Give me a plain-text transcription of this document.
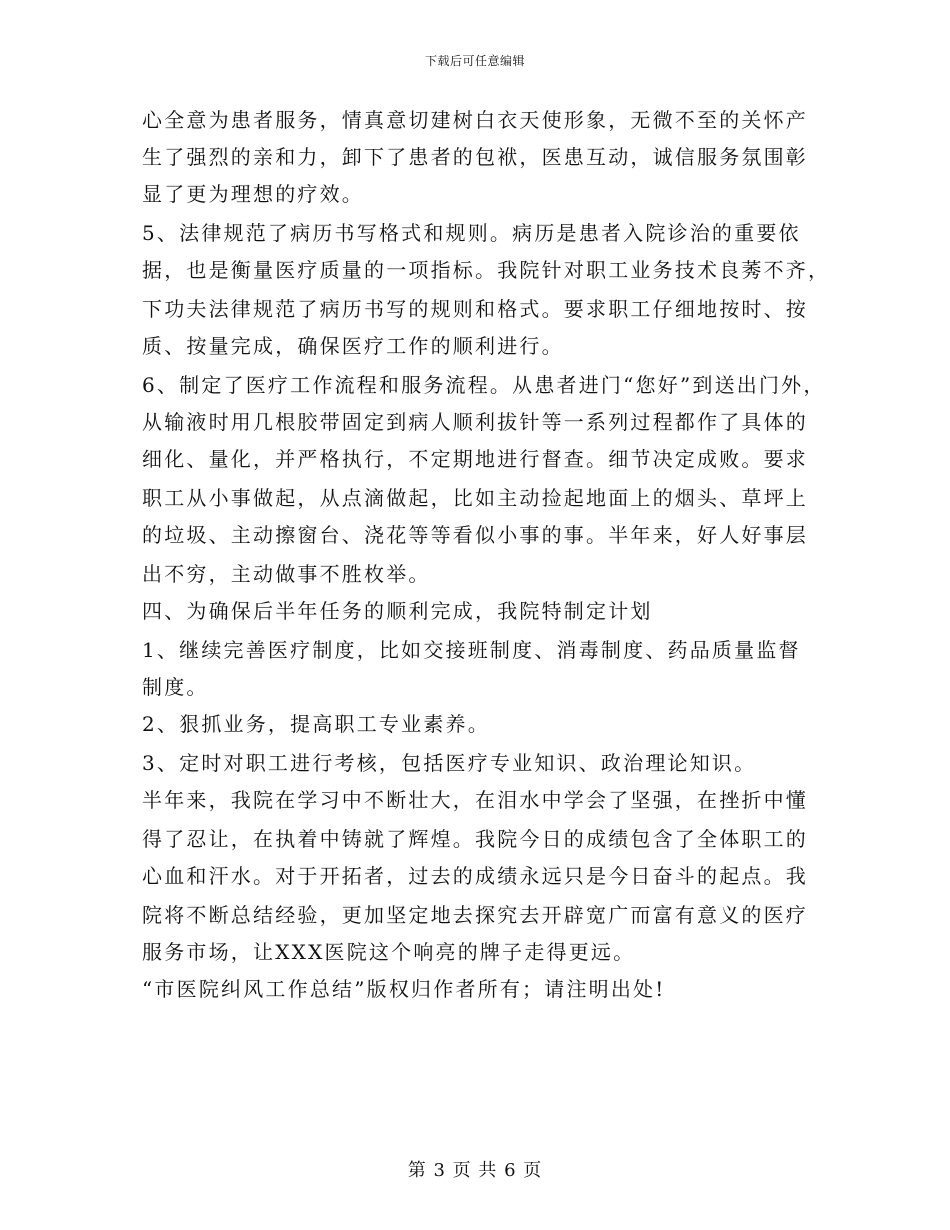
下载后可任意编辑
心全意为患者服务，情真意切建树白衣天使形象，无微不至的关怀产
生了强烈的亲和力，卸下了患者的包袱，医患互动，诚信服务氛围彰
显了更为理想的疗效。
5、法律规范了病历书写格式和规则。病历是患者入院诊治的重要依
据，也是衡量医疗质量的一项指标。我院针对职工业务技术良莠不齐，
下功夫法律规范了病历书写的规则和格式。要求职工仔细地按时、按
质、按量完成，确保医疗工作的顺利进行。
6、制定了医疗工作流程和服务流程。从患者进门“您好”到送出门外，
从输液时用几根胶带固定到病人顺利拔针等一系列过程都作了具体的
细化、量化，并严格执行，不定期地进行督查。细节决定成败。要求
职工从小事做起，从点滴做起，比如主动捡起地面上的烟头、草坪上
的垃圾、主动擦窗台、浇花等等看似小事的事。半年来，好人好事层
出不穷，主动做事不胜枚举。
四、为确保后半年任务的顺利完成，我院特制定计划
1、继续完善医疗制度，比如交接班制度、消毒制度、药品质量监督
制度。
2、狠抓业务，提高职工专业素养。
3、定时对职工进行考核，包括医疗专业知识、政治理论知识。
半年来，我院在学习中不断壮大，在泪水中学会了坚强，在挫折中懂
得了忍让，在执着中铸就了辉煌。我院今日的成绩包含了全体职工的
心血和汗水。对于开拓者，过去的成绩永远只是今日奋斗的起点。我
院将不断总结经验，更加坚定地去探究去开辟宽广而富有意义的医疗
服务市场，让XXX医院这个响亮的牌子走得更远。
“市医院纠风工作总结”版权归作者所有；请注明出处!
第 3 页 共 6 页
